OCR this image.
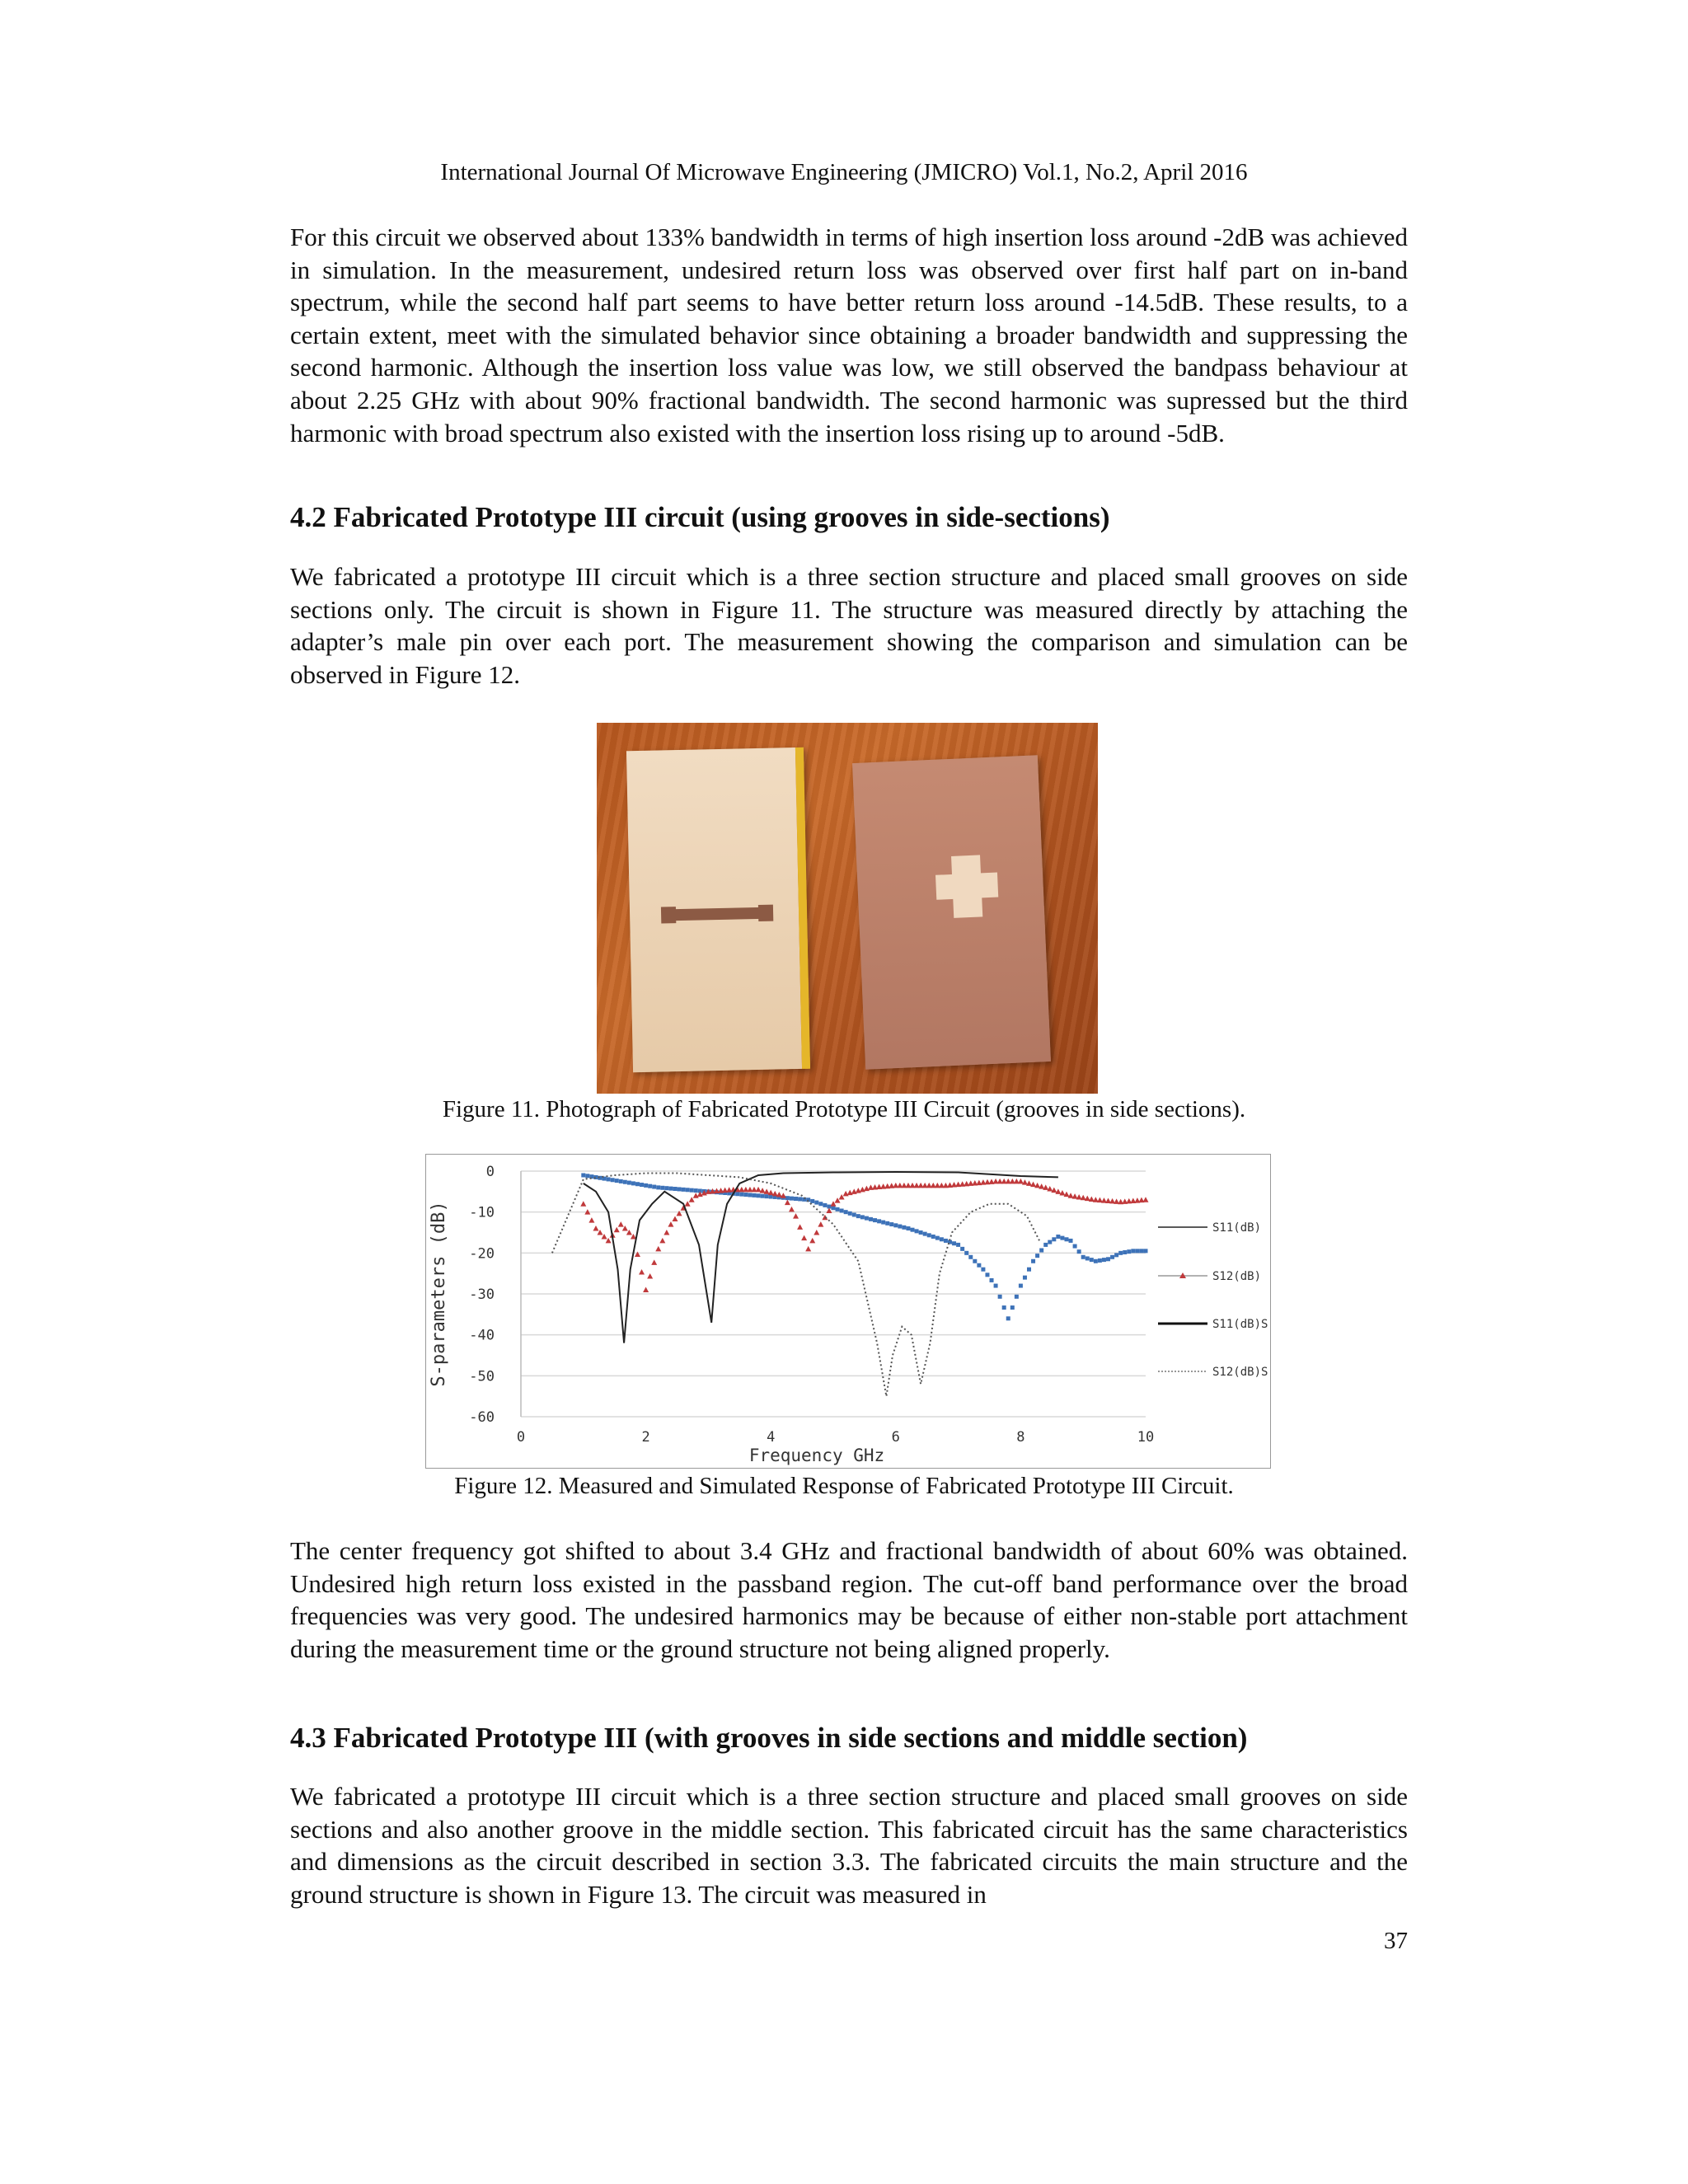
International Journal Of Microwave Engineering (JMICRO) Vol.1, No.2, April 2016

For this circuit we observed about 133% bandwidth in terms of high insertion loss around -2dB was achieved in simulation. In the measurement, undesired return loss was observed over first half part on in-band spectrum, while the second half part seems to have better return loss around -14.5dB. These results, to a certain extent, meet with the simulated behavior since obtaining a broader bandwidth and suppressing the second harmonic. Although the insertion loss value was low, we still observed the bandpass behaviour at about 2.25 GHz with about 90% fractional bandwidth. The second harmonic was supressed but the third harmonic with broad spectrum also existed with the insertion loss rising up to around -5dB.

4.2 Fabricated Prototype III circuit (using grooves in side-sections)

We fabricated a prototype III circuit which is a three section structure and placed small grooves on side sections only. The circuit is shown in Figure 11. The structure was measured directly by attaching the adapter’s male pin over each port. The measurement showing the comparison and simulation can be observed in Figure 12.

Figure 11. Photograph of Fabricated Prototype III Circuit (grooves in side sections).
0
-10
-20
-30
-40
-50
-60
0	2	4	6	8	10
Frequency GHz
S-parameters (dB)	S11(dB)
S12(dB)
S11(dB)S
S12(dB)S
Figure 12. Measured and Simulated Response of Fabricated Prototype III Circuit.

The center frequency got shifted to about 3.4 GHz and fractional bandwidth of about 60% was obtained. Undesired high return loss existed in the passband region. The cut-off band performance over the broad frequencies was very good. The undesired harmonics may be because of either non-stable port attachment during the measurement time or the ground structure not being aligned properly.

4.3 Fabricated Prototype III (with grooves in side sections and middle section)

We fabricated a prototype III circuit which is a three section structure and placed small grooves on side sections and also another groove in the middle section. This fabricated circuit has the same characteristics and dimensions as the circuit described in section 3.3. The fabricated circuits the main structure and the ground structure is shown in Figure 13. The circuit was measured in

37
